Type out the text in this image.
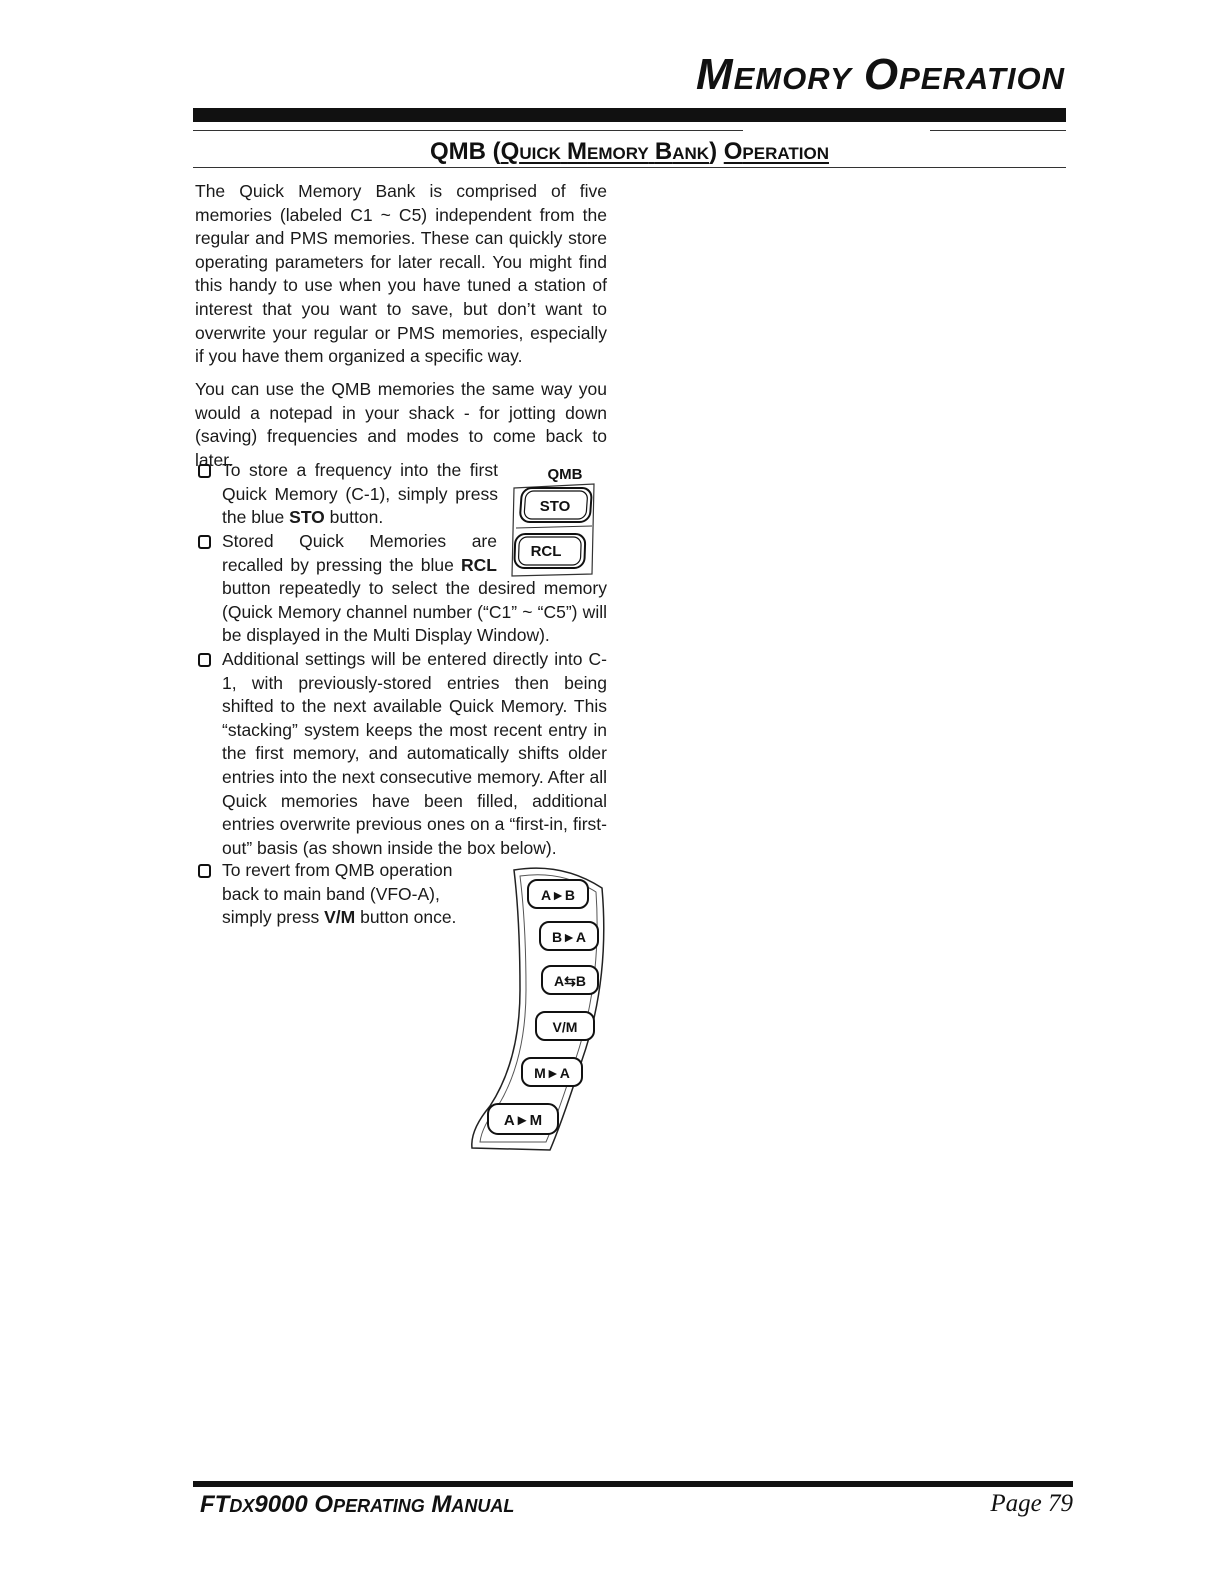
MEMORY OPERATION
QMB (QUICK MEMORY BANK) OPERATION
The Quick Memory Bank is comprised of five memories (labeled C1 ~ C5) independent from the regular and PMS memories. These can quickly store operating parameters for later recall. You might find this handy to use when you have tuned a station of interest that you want to save, but don’t want to overwrite your regular or PMS memories, especially if you have them organized a specific way.
You can use the QMB memories the same way you would a notepad in your shack - for jotting down (saving) frequencies and modes to come back to later.
To store a frequency into the first Quick Memory (C-1), simply press the blue STO button.
Stored Quick Memories are recalled by pressing the blue RCL button repeatedly to select the desired memory (Quick Memory channel number (“C1” ~ “C5”) will be displayed in the Multi Display Window).
Additional settings will be entered directly into C-1, with previously-stored entries then being shifted to the next available Quick Memory. This “stacking” system keeps the most recent entry in the first memory, and automatically shifts older entries into the next consecutive memory. After all Quick memories have been filled, additional entries overwrite previous ones on a “first-in, first-out” basis (as shown inside the box below).
To revert from QMB operation back to main band (VFO-A), simply press V/M button once.
QMB
STO
RCL
A►B
B►A
A⇆B
V/M
M►A
A►M
FTDX9000 OPERATING MANUAL	Page 79
